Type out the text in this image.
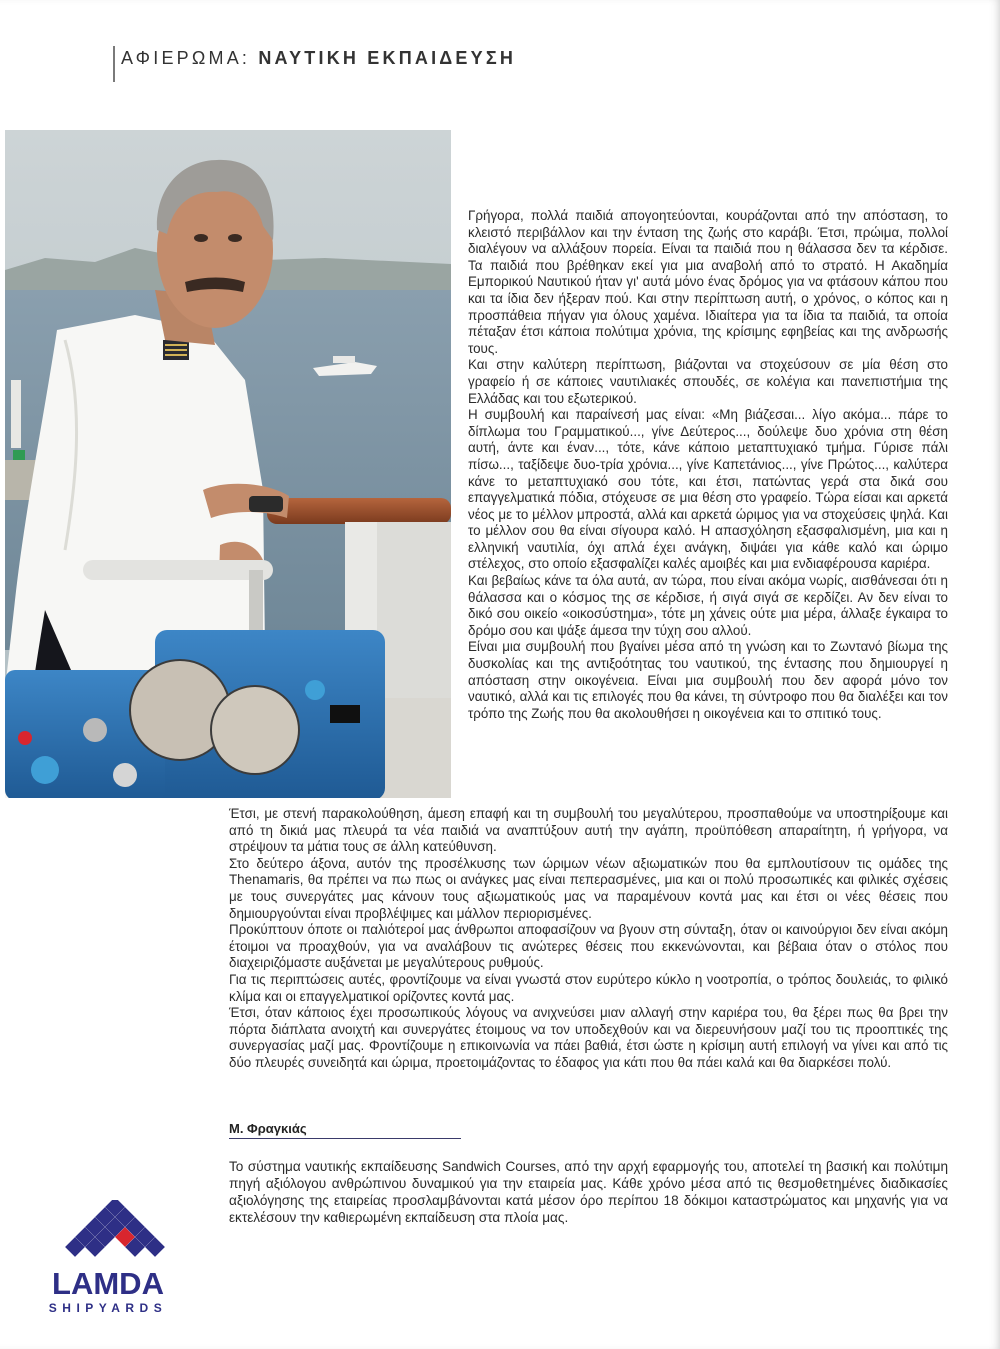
ΑΦΙΕΡΩΜΑ: ΝΑΥΤΙΚΗ ΕΚΠΑΙΔΕΥΣΗ

Γρήγορα, πολλά παιδιά απογοητεύονται, κουράζονται από την απόσταση, το κλειστό περιβάλλον και την ένταση της ζωής στο καράβι. Έτσι, πρώιμα, πολλοί διαλέγουν να αλλάξουν πορεία. Είναι τα παιδιά που η θάλασσα δεν τα κέρδισε. Τα παιδιά που βρέθηκαν εκεί για μια αναβολή από το στρατό. Η Ακαδημία Εμπορικού Ναυτικού ήταν γι' αυτά μόνο ένας δρόμος για να φτάσουν κάπου που και τα ίδια δεν ήξεραν πού. Και στην περίπτωση αυτή, ο χρόνος, ο κόπος και η προσπάθεια πήγαν για όλους χαμένα. Ιδιαίτερα για τα ίδια τα παιδιά, τα οποία πέταξαν έτσι κάποια πολύτιμα χρόνια, της κρίσιμης εφηβείας και της ανδρωσής τους.

Και στην καλύτερη περίπτωση, βιάζονται να στοχεύσουν σε μία θέση στο γραφείο ή σε κάποιες ναυτιλιακές σπουδές, σε κολέγια και πανεπιστήμια της Ελλάδας και του εξωτερικού.

Η συμβουλή και παραίνεσή μας είναι: «Μη βιάζεσαι... λίγο ακόμα... πάρε το δίπλωμα του Γραμματικού..., γίνε Δεύτερος..., δούλεψε δυο χρόνια στη θέση αυτή, άντε και έναν..., τότε, κάνε κάποιο μεταπτυχιακό τμήμα. Γύρισε πάλι πίσω..., ταξίδεψε δυο-τρία χρόνια..., γίνε Καπετάνιος..., γίνε Πρώτος..., καλύτερα κάνε το μεταπτυχιακό σου τότε, και έτσι, πατώντας γερά στα δικά σου επαγγελματικά πόδια, στόχευσε σε μια θέση στο γραφείο. Τώρα είσαι και αρκετά νέος με το μέλλον μπροστά, αλλά και αρκετά ώριμος για να στοχεύσεις ψηλά. Και το μέλλον σου θα είναι σίγουρα καλό. Η απασχόληση εξασφαλισμένη, μια και η ελληνική ναυτιλία, όχι απλά έχει ανάγκη, διψάει για κάθε καλό και ώριμο στέλεχος, στο οποίο εξασφαλίζει καλές αμοιβές και μια ενδιαφέρουσα καριέρα.

Και βεβαίως κάνε τα όλα αυτά, αν τώρα, που είναι ακόμα νωρίς, αισθάνεσαι ότι η θάλασσα και ο κόσμος της σε κέρδισε, ή σιγά σιγά σε κερδίζει. Αν δεν είναι το δικό σου οικείο «οικοσύστημα», τότε μη χάνεις ούτε μια μέρα, άλλαξε έγκαιρα το δρόμο σου και ψάξε άμεσα την τύχη σου αλλού.

Είναι μια συμβουλή που βγαίνει μέσα από τη γνώση και το Ζωντανό βίωμα της δυσκολίας και της αντιξοότητας του ναυτικού, της έντασης που δημιουργεί η απόσταση στην οικογένεια. Είναι μια συμβουλή που δεν αφορά μόνο τον ναυτικό, αλλά και τις επιλογές που θα κάνει, τη σύντροφο που θα διαλέξει και τον τρόπο της Ζωής που θα ακολουθήσει η οικογένεια και το σπιτικό τους.

Έτσι, με στενή παρακολούθηση, άμεση επαφή και τη συμβουλή του μεγαλύτερου, προσπαθούμε να υποστηρίξουμε και από τη δικιά μας πλευρά τα νέα παιδιά να αναπτύξουν αυτή την αγάπη, προϋπόθεση απαραίτητη, ή γρήγορα, να στρέψουν τα μάτια τους σε άλλη κατεύθυνση.

Στο δεύτερο άξονα, αυτόν της προσέλκυσης των ώριμων νέων αξιωματικών που θα εμπλουτίσουν τις ομάδες της Thenamaris, θα πρέπει να πω πως οι ανάγκες μας είναι πεπερασμένες, μια και οι πολύ προσωπικές και φιλικές σχέσεις με τους συνεργάτες μας κάνουν τους αξιωματικούς μας να παραμένουν κοντά μας και έτσι οι νέες θέσεις που δημιουργούνται είναι προβλέψιμες και μάλλον περιορισμένες.

Προκύπτουν όποτε οι παλιότεροί μας άνθρωποι αποφασίζουν να βγουν στη σύνταξη, όταν οι καινούργιοι δεν είναι ακόμη έτοιμοι να προαχθούν, για να αναλάβουν τις ανώτερες θέσεις που εκκενώνονται, και βέβαια όταν ο στόλος που διαχειριζόμαστε αυξάνεται με μεγαλύτερους ρυθμούς.

Για τις περιπτώσεις αυτές, φροντίζουμε να είναι γνωστά στον ευρύτερο κύκλο η νοοτροπία, ο τρόπος δουλειάς, το φιλικό κλίμα και οι επαγγελματικοί ορίζοντες κοντά μας.

Έτσι, όταν κάποιος έχει προσωπικούς λόγους να ανιχνεύσει μιαν αλλαγή στην καριέρα του, θα ξέρει πως θα βρει την πόρτα διάπλατα ανοιχτή και συνεργάτες έτοιμους να τον υποδεχθούν και να διερευνήσουν μαζί του τις προοπτικές της συνεργασίας μαζί μας. Φροντίζουμε η επικοινωνία να πάει βαθιά, έτσι ώστε η κρίσιμη αυτή επιλογή να γίνει και από τις δύο πλευρές συνειδητά και ώριμα, προετοιμάζοντας το έδαφος για κάτι που θα πάει καλά και θα διαρκέσει πολύ.

Μ. Φραγκιάς

Το σύστημα ναυτικής εκπαίδευσης Sandwich Courses, από την αρχή εφαρμογής του, αποτελεί τη βασική και πολύτιμη πηγή αξιόλογου ανθρώπινου δυναμικού για την εταιρεία μας. Κάθε χρόνο μέσα από τις θεσμοθετημένες διαδικασίες αξιολόγησης της εταιρείας προσλαμβάνονται κατά μέσον όρο περίπου 18 δόκιμοι καταστρώματος και μηχανής για να εκτελέσουν την καθιερωμένη εκπαίδευση στα πλοία μας.

LAMDA
SHIPYARDS
